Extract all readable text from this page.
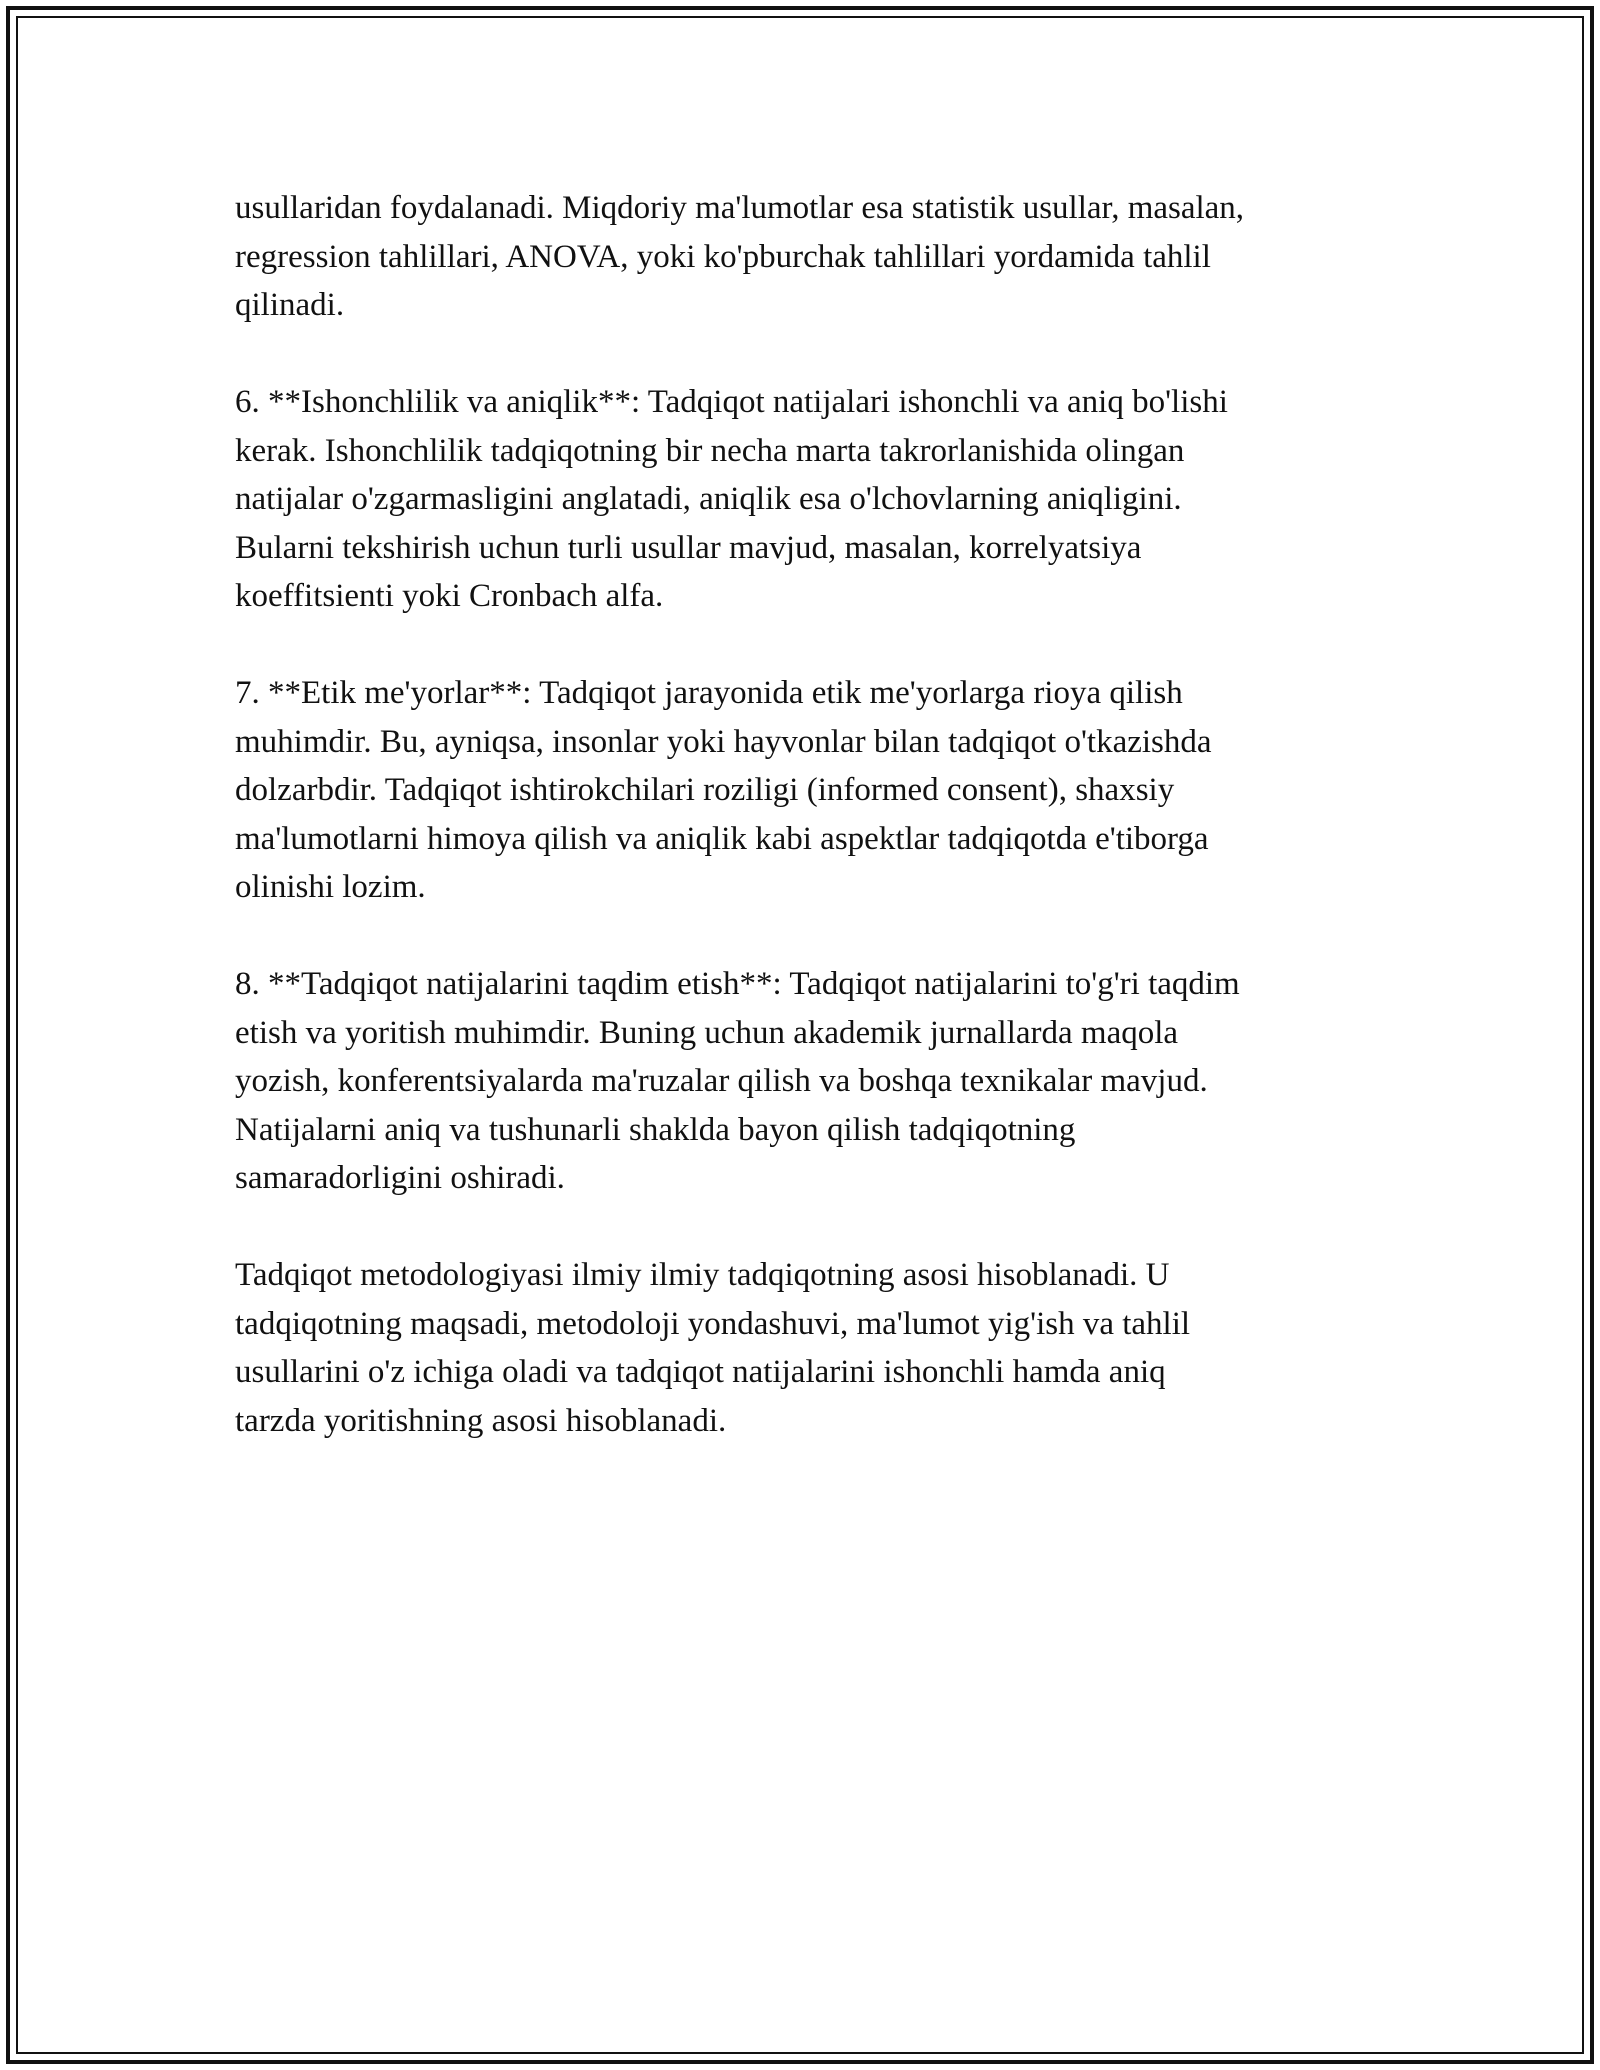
usullaridan foydalanadi. Miqdoriy ma'lumotlar esa statistik usullar, masalan,
regression tahlillari, ANOVA, yoki ko'pburchak tahlillari yordamida tahlil
qilinadi.

6. **Ishonchlilik va aniqlik**: Tadqiqot natijalari ishonchli va aniq bo'lishi
kerak. Ishonchlilik tadqiqotning bir necha marta takrorlanishida olingan
natijalar o'zgarmasligini anglatadi, aniqlik esa o'lchovlarning aniqligini.
Bularni tekshirish uchun turli usullar mavjud, masalan, korrelyatsiya
koeffitsienti yoki Cronbach alfa.

7. **Etik me'yorlar**: Tadqiqot jarayonida etik me'yorlarga rioya qilish
muhimdir. Bu, ayniqsa, insonlar yoki hayvonlar bilan tadqiqot o'tkazishda
dolzarbdir. Tadqiqot ishtirokchilari roziligi (informed consent), shaxsiy
ma'lumotlarni himoya qilish va aniqlik kabi aspektlar tadqiqotda e'tiborga
olinishi lozim.

8. **Tadqiqot natijalarini taqdim etish**: Tadqiqot natijalarini to'g'ri taqdim
etish va yoritish muhimdir. Buning uchun akademik jurnallarda maqola
yozish, konferentsiyalarda ma'ruzalar qilish va boshqa texnikalar mavjud.
Natijalarni aniq va tushunarli shaklda bayon qilish tadqiqotning
samaradorligini oshiradi.

Tadqiqot metodologiyasi ilmiy ilmiy tadqiqotning asosi hisoblanadi. U
tadqiqotning maqsadi, metodoloji yondashuvi, ma'lumot yig'ish va tahlil
usullarini o'z ichiga oladi va tadqiqot natijalarini ishonchli hamda aniq
tarzda yoritishning asosi hisoblanadi.
